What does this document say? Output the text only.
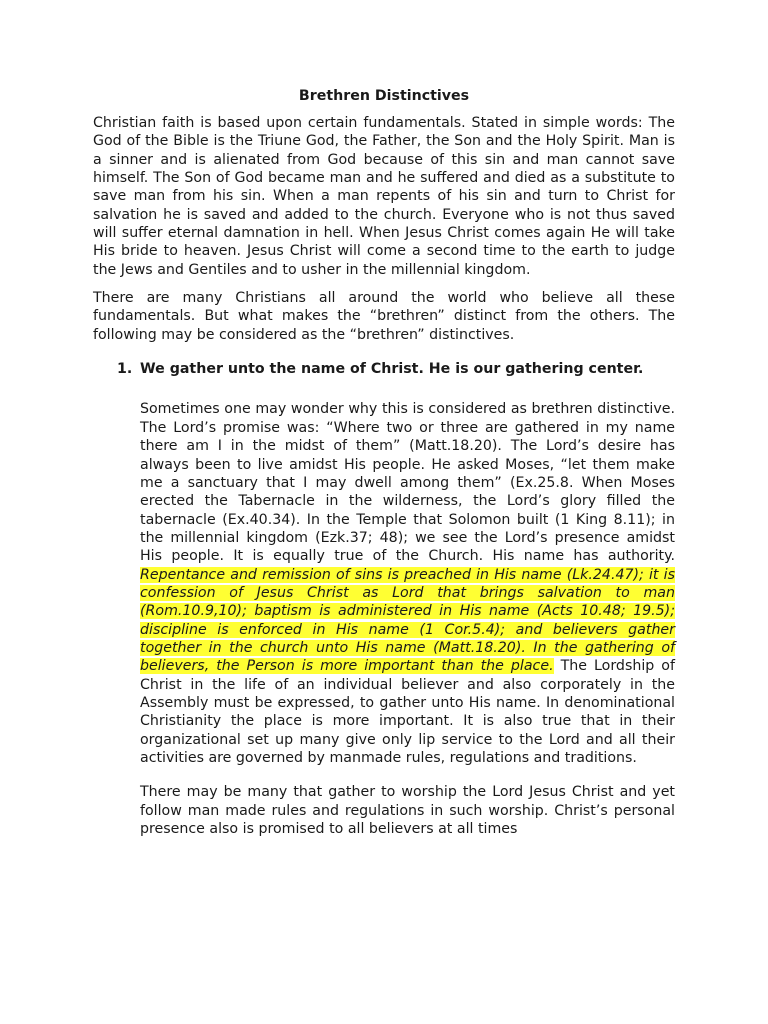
Brethren Distinctives

Christian faith is based upon certain fundamentals. Stated in simple words: The God of the Bible is the Triune God, the Father, the Son and the Holy Spirit. Man is a sinner and is alienated from God because of this sin and man cannot save himself. The Son of God became man and he suffered and died as a substitute to save man from his sin. When a man repents of his sin and turn to Christ for salvation he is saved and added to the church. Everyone who is not thus saved will suffer eternal damnation in hell. When Jesus Christ comes again He will take His bride to heaven. Jesus Christ will come a second time to the earth to judge the Jews and Gentiles and to usher in the millennial kingdom.

There are many Christians all around the world who believe all these fundamentals. But what makes the “brethren” distinct from the others. The following may be considered as the “brethren” distinctives.

1. We gather unto the name of Christ. He is our gathering center.

Sometimes one may wonder why this is considered as brethren distinctive. The Lord’s promise was: “Where two or three are gathered in my name there am I in the midst of them” (Matt.18.20). The Lord’s desire has always been to live amidst His people. He asked Moses, “let them make me a sanctuary that I may dwell among them” (Ex.25.8. When Moses erected the Tabernacle in the wilderness, the Lord’s glory filled the tabernacle (Ex.40.34). In the Temple that Solomon built (1 King 8.11); in the millennial kingdom (Ezk.37; 48); we see the Lord’s presence amidst His people. It is equally true of the Church. His name has authority. Repentance and remission of sins is preached in His name (Lk.24.47); it is confession of Jesus Christ as Lord that brings salvation to man (Rom.10.9,10); baptism is administered in His name (Acts 10.48; 19.5); discipline is enforced in His name (1 Cor.5.4); and believers gather together in the church unto His name (Matt.18.20). In the gathering of believers, the Person is more important than the place. The Lordship of Christ in the life of an individual believer and also corporately in the Assembly must be expressed, to gather unto His name. In denominational Christianity the place is more important. It is also true that in their organizational set up many give only lip service to the Lord and all their activities are governed by manmade rules, regulations and traditions.

There may be many that gather to worship the Lord Jesus Christ and yet follow man made rules and regulations in such worship. Christ’s personal presence also is promised to all believers at all times
